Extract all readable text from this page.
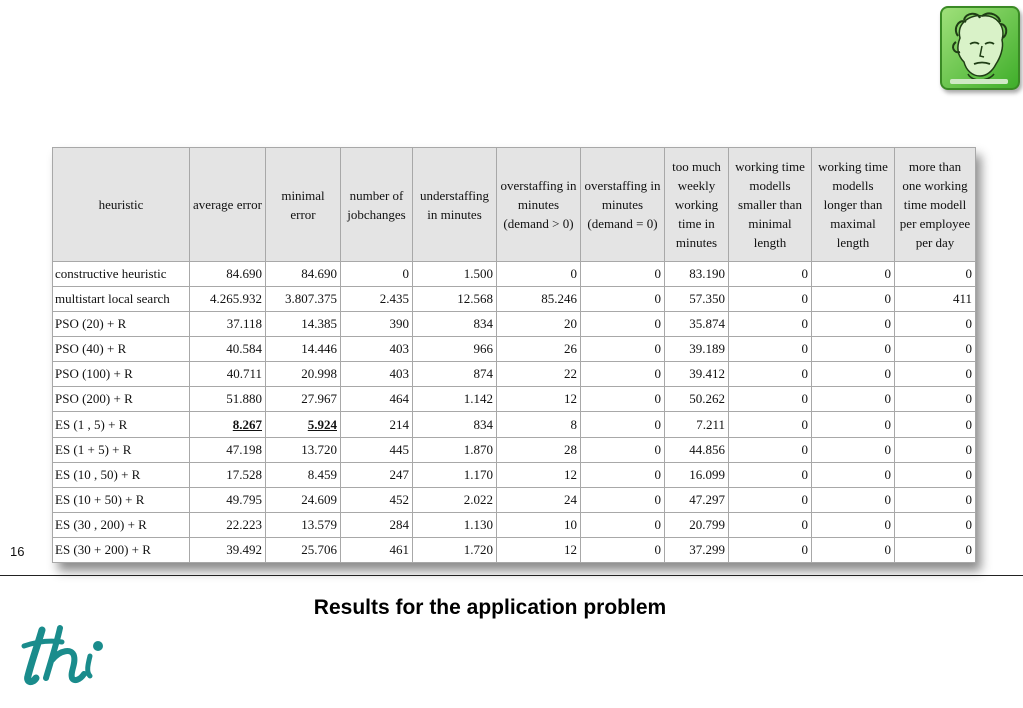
heuristic	average error	minimal error	number of jobchanges	understaffing in minutes	overstaffing in minutes (demand > 0)	overstaffing in minutes (demand = 0)	too much weekly working time in minutes	working time modells smaller than minimal length	working time modells longer than maximal length	more than one working time modell per employee per day
constructive heuristic	84.690	84.690	0	1.500	0	0	83.190	0	0	0
multistart local search	4.265.932	3.807.375	2.435	12.568	85.246	0	57.350	0	0	411
PSO (20) + R	37.118	14.385	390	834	20	0	35.874	0	0	0
PSO (40) + R	40.584	14.446	403	966	26	0	39.189	0	0	0
PSO (100) + R	40.711	20.998	403	874	22	0	39.412	0	0	0
PSO (200) + R	51.880	27.967	464	1.142	12	0	50.262	0	0	0
ES (1 , 5) + R	8.267	5.924	214	834	8	0	7.211	0	0	0
ES (1 + 5) + R	47.198	13.720	445	1.870	28	0	44.856	0	0	0
ES (10 , 50) + R	17.528	8.459	247	1.170	12	0	16.099	0	0	0
ES (10 + 50) + R	49.795	24.609	452	2.022	24	0	47.297	0	0	0
ES (30 , 200) + R	22.223	13.579	284	1.130	10	0	20.799	0	0	0
ES (30 + 200) + R	39.492	25.706	461	1.720	12	0	37.299	0	0	0
16
Results for the application problem
